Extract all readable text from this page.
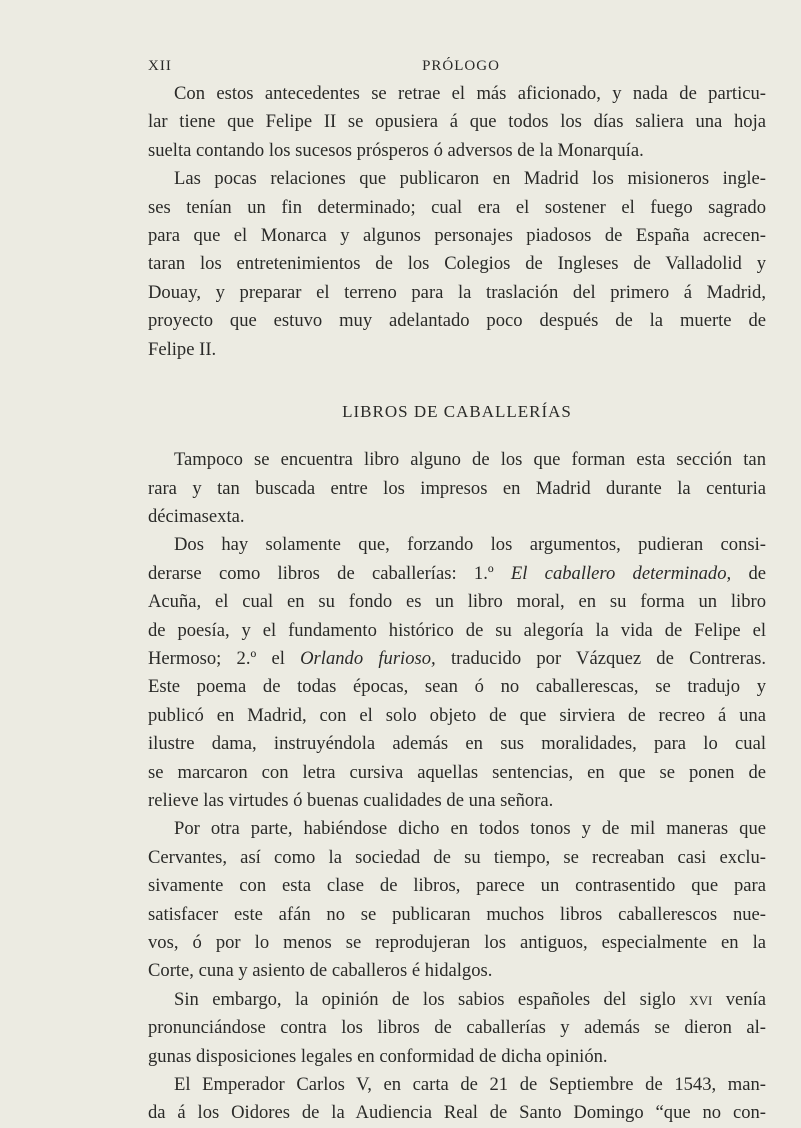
XII	PRÓLOGO
Con estos antecedentes se retrae el más aficionado, y nada de particu-
lar tiene que Felipe II se opusiera á que todos los días saliera una hoja
suelta contando los sucesos prósperos ó adversos de la Monarquía.
Las pocas relaciones que publicaron en Madrid los misioneros ingle-
ses tenían un fin determinado; cual era el sostener el fuego sagrado
para que el Monarca y algunos personajes piadosos de España acrecen-
taran los entretenimientos de los Colegios de Ingleses de Valladolid y
Douay, y preparar el terreno para la traslación del primero á Madrid,
proyecto que estuvo muy adelantado poco después de la muerte de
Felipe II.
LIBROS DE CABALLERÍAS
Tampoco se encuentra libro alguno de los que forman esta sección tan
rara y tan buscada entre los impresos en Madrid durante la centuria
décimasexta.
Dos hay solamente que, forzando los argumentos, pudieran consi-
derarse como libros de caballerías: 1.º El caballero determinado, de
Acuña, el cual en su fondo es un libro moral, en su forma un libro
de poesía, y el fundamento histórico de su alegoría la vida de Felipe el
Hermoso; 2.º el Orlando furioso, traducido por Vázquez de Contreras.
Este poema de todas épocas, sean ó no caballerescas, se tradujo y
publicó en Madrid, con el solo objeto de que sirviera de recreo á una
ilustre dama, instruyéndola además en sus moralidades, para lo cual
se marcaron con letra cursiva aquellas sentencias, en que se ponen de
relieve las virtudes ó buenas cualidades de una señora.
Por otra parte, habiéndose dicho en todos tonos y de mil maneras que
Cervantes, así como la sociedad de su tiempo, se recreaban casi exclu-
sivamente con esta clase de libros, parece un contrasentido que para
satisfacer este afán no se publicaran muchos libros caballerescos nue-
vos, ó por lo menos se reprodujeran los antiguos, especialmente en la
Corte, cuna y asiento de caballeros é hidalgos.
Sin embargo, la opinión de los sabios españoles del siglo xvi venía
pronunciándose contra los libros de caballerías y además se dieron al-
gunas disposiciones legales en conformidad de dicha opinión.
El Emperador Carlos V, en carta de 21 de Septiembre de 1543, man-
da á los Oidores de la Audiencia Real de Santo Domingo “que no con-
